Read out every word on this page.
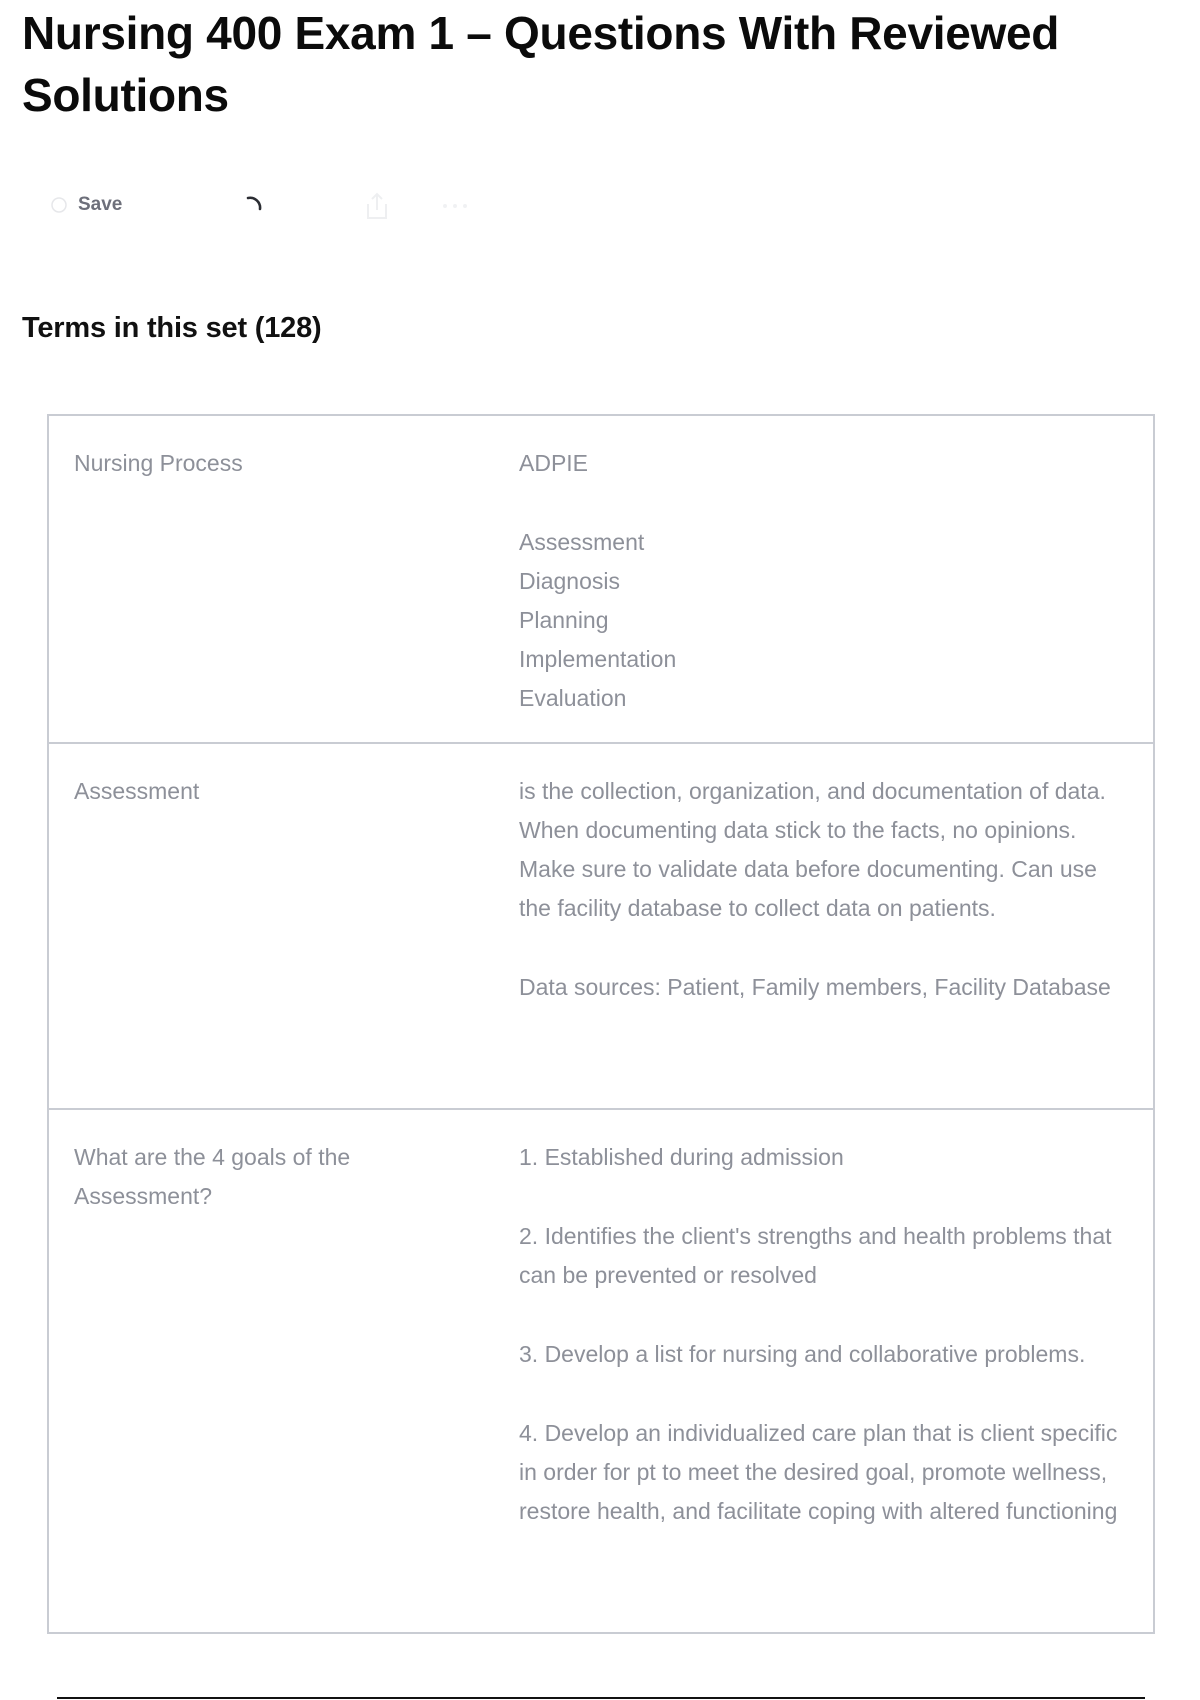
Nursing 400 Exam 1 – Questions With Reviewed Solutions
Save
Terms in this set (128)
Nursing Process	ADPIE

Assessment
Diagnosis
Planning
Implementation
Evaluation
Assessment	is the collection, organization, and documentation of data. When documenting data stick to the facts, no opinions. Make sure to validate data before documenting. Can use the facility database to collect data on patients.

Data sources: Patient, Family members, Facility Database

What are the 4 goals of the Assessment?

1. Established during admission

2. Identifies the client's strengths and health problems that can be prevented or resolved

3. Develop a list for nursing and collaborative problems.

4. Develop an individualized care plan that is client specific in order for pt to meet the desired goal, promote wellness, restore health, and facilitate coping with altered functioning
